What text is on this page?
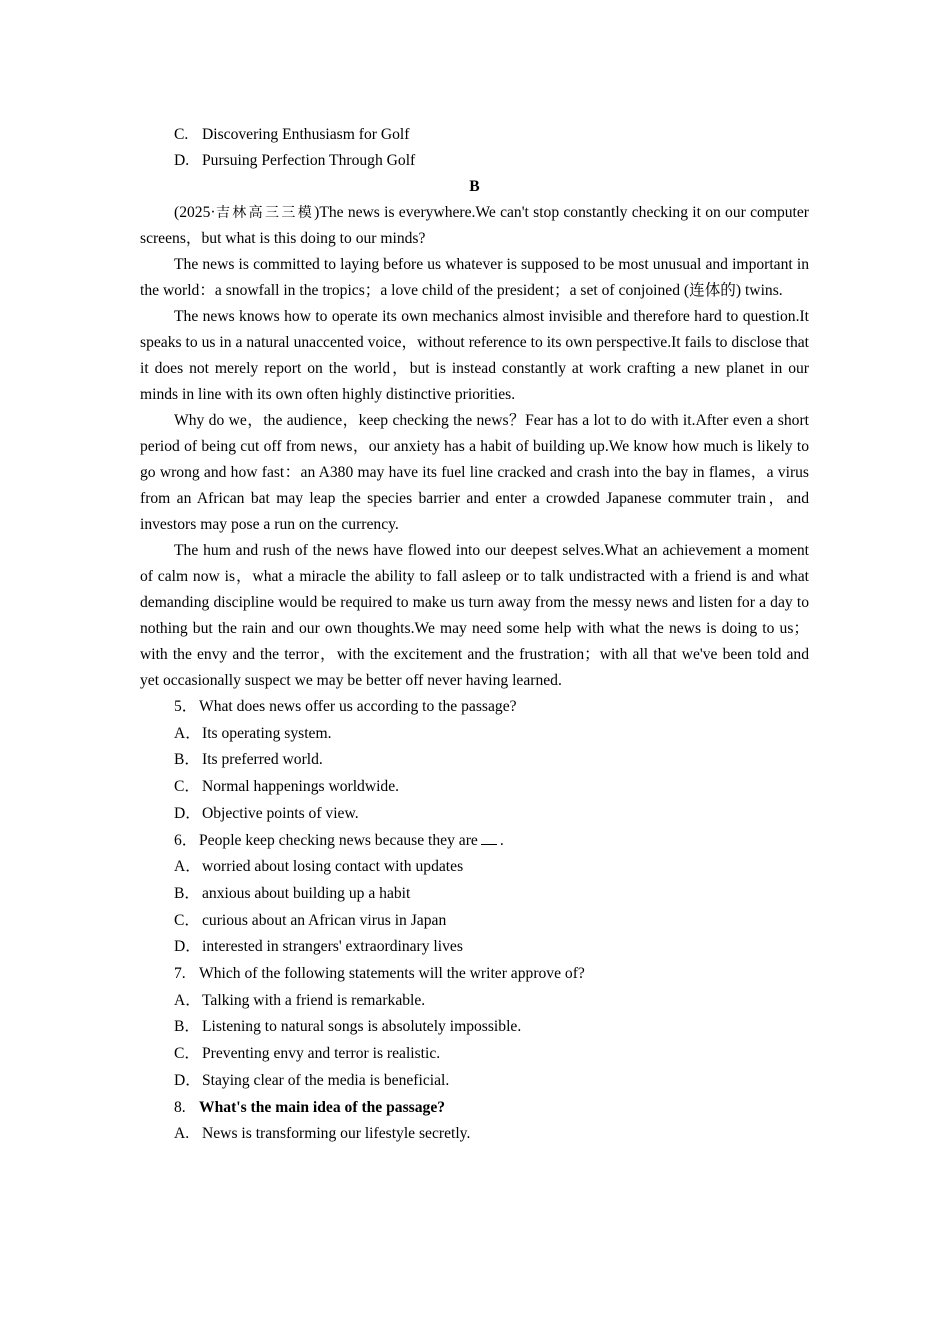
C. Discovering Enthusiasm for Golf
D. Pursuing Perfection Through Golf
B
(2025·吉林高三三模)The news is everywhere.We can't stop constantly checking it on our computer screens，but what is this doing to our minds?
The news is committed to laying before us whatever is supposed to be most unusual and important in the world：a snowfall in the tropics；a love child of the president；a set of conjoined (连体的) twins.
The news knows how to operate its own mechanics almost invisible and therefore hard to question.It speaks to us in a natural unaccented voice，without reference to its own perspective.It fails to disclose that it does not merely report on the world，but is instead constantly at work crafting a new planet in our minds in line with its own often highly distinctive priorities.
Why do we，the audience，keep checking the news？Fear has a lot to do with it.After even a short period of being cut off from news，our anxiety has a habit of building up.We know how much is likely to go wrong and how fast：an A380 may have its fuel line cracked and crash into the bay in flames，a virus from an African bat may leap the species barrier and enter a crowded Japanese commuter train，and investors may pose a run on the currency.
The hum and rush of the news have flowed into our deepest selves.What an achievement a moment of calm now is，what a miracle the ability to fall asleep or to talk undistracted with a friend is and what demanding discipline would be required to make us turn away from the messy news and listen for a day to nothing but the rain and our own thoughts.We may need some help with what the news is doing to us；with the envy and the terror，with the excitement and the frustration；with all that we've been told and yet occasionally suspect we may be better off never having learned.
5． What does news offer us according to the passage?
A．Its operating system.
B． Its preferred world.
C． Normal happenings worldwide.
D．Objective points of view.
6． People keep checking news because they are .
A．worried about losing contact with updates
B． anxious about building up a habit
C． curious about an African virus in Japan
D．interested in strangers' extraordinary lives
7. Which of the following statements will the writer approve of?
A．Talking with a friend is remarkable.
B． Listening to natural songs is absolutely impossible.
C． Preventing envy and terror is realistic.
D．Staying clear of the media is beneficial.
8. What's the main idea of the passage?
A. News is transforming our lifestyle secretly.
